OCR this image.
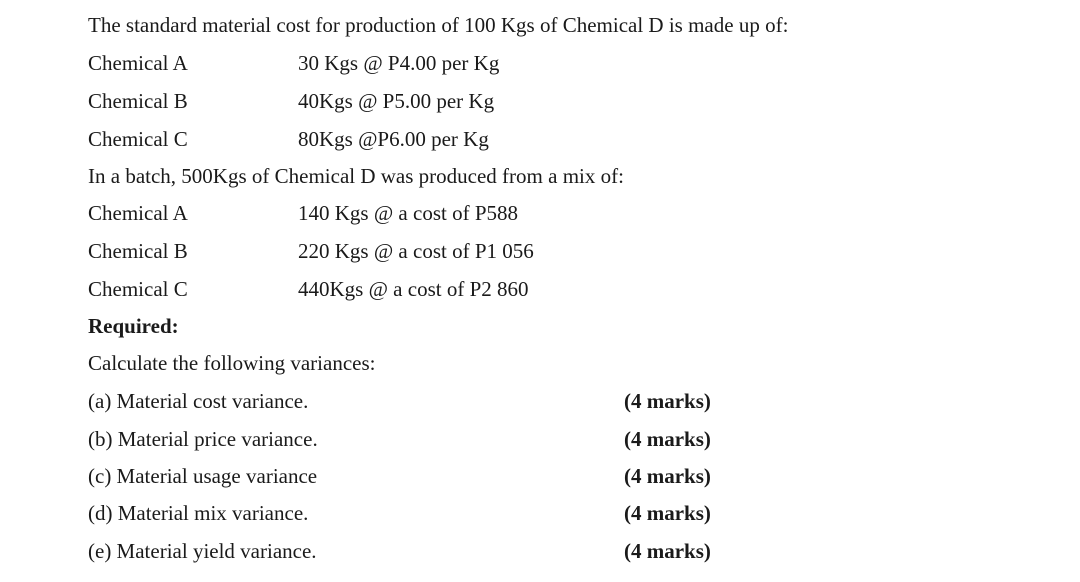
The standard material cost for production of 100 Kgs of Chemical D is made up of:
Chemical A	30 Kgs @ P4.00 per Kg
Chemical B	40Kgs @ P5.00 per Kg
Chemical C	80Kgs @P6.00 per Kg
In a batch, 500Kgs of Chemical D was produced from a mix of:
Chemical A	140 Kgs @ a cost of P588
Chemical B	220 Kgs @ a cost of P1 056
Chemical C	440Kgs @ a cost of P2 860
Required:
Calculate the following variances:
(a) Material cost variance.	(4 marks)
(b) Material price variance.	(4 marks)
(c) Material usage variance	(4 marks)
(d) Material mix variance.	(4 marks)
(e) Material yield variance.	(4 marks)
